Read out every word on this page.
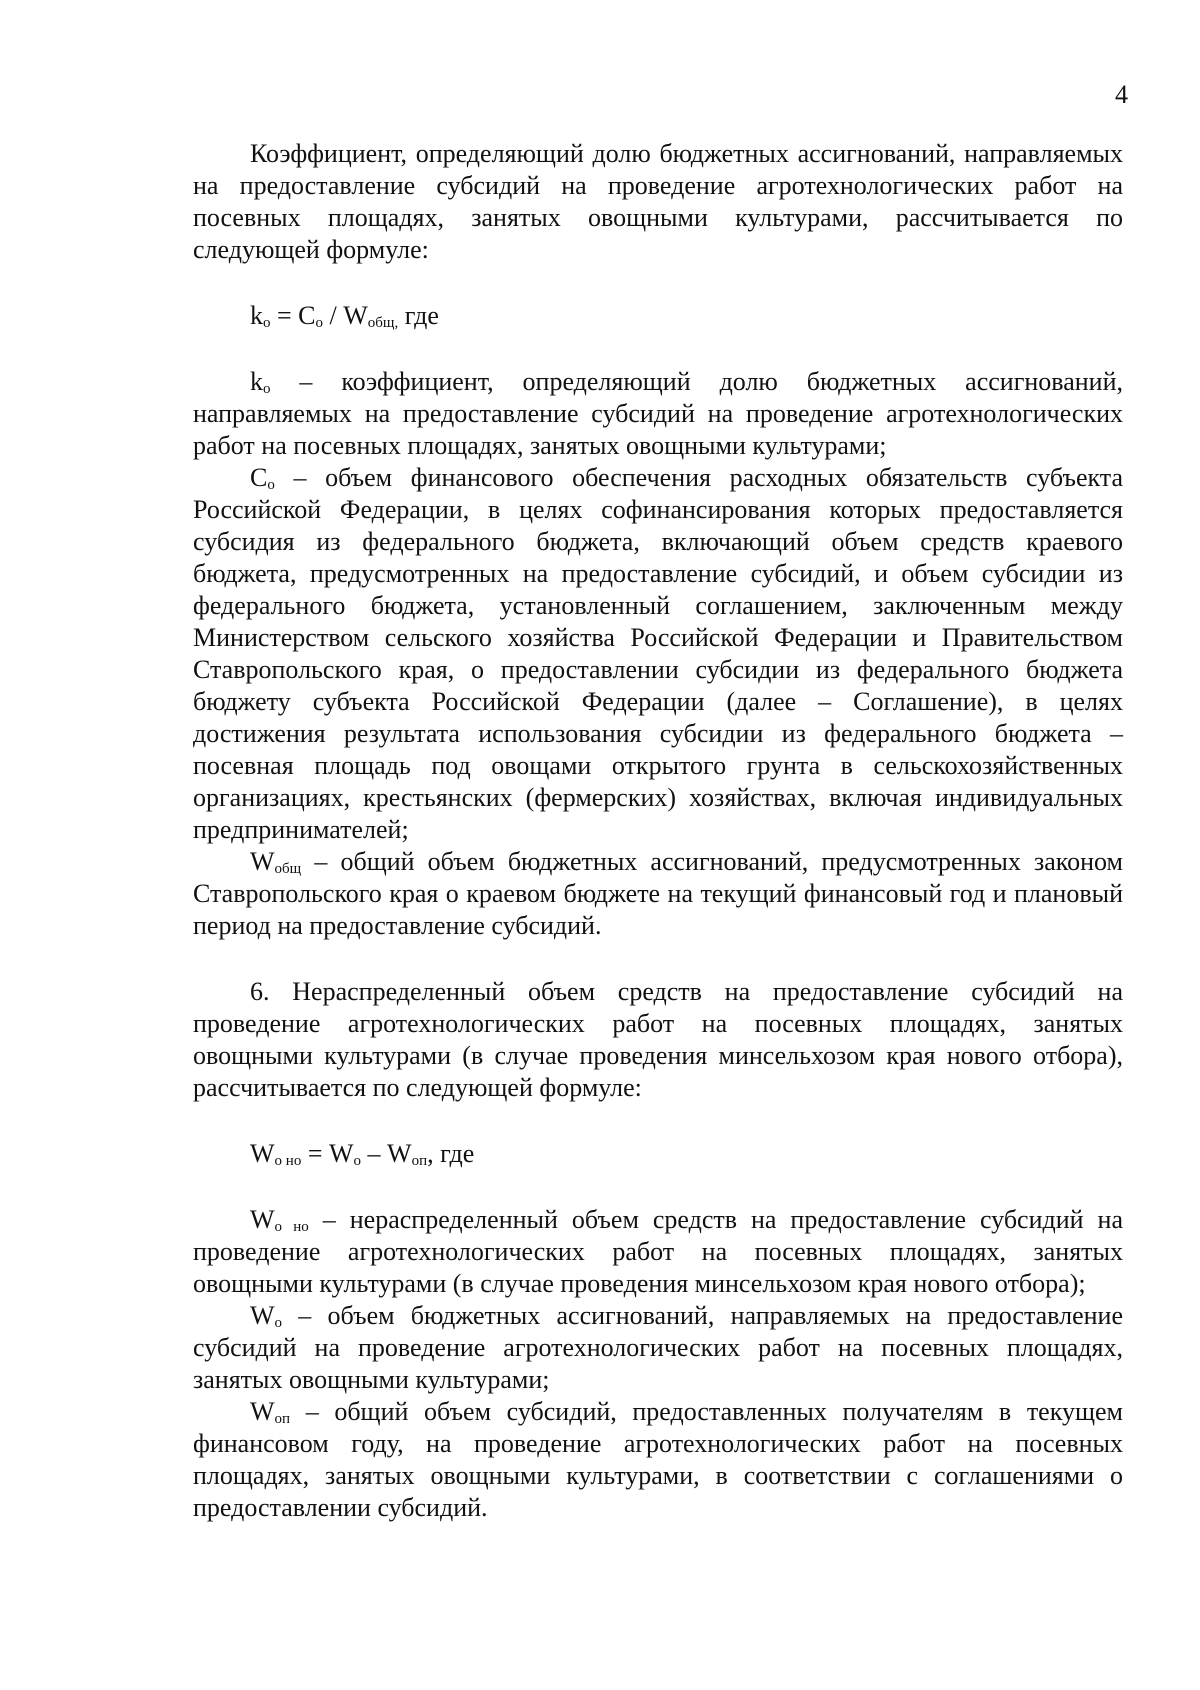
4

Коэффициент, определяющий долю бюджетных ассигнований, направляемых на предоставление субсидий на проведение агротехнологических работ на посевных площадях, занятых овощными культурами, рассчитывается по следующей формуле:

$k_о = С_о / W_{общ,}$ где

$k_о$ – коэффициент, определяющий долю бюджетных ассигнований, направляемых на предоставление субсидий на проведение агротехнологических работ на посевных площадях, занятых овощными культурами;

$С_о$ – объем финансового обеспечения расходных обязательств субъекта Российской Федерации, в целях софинансирования которых предоставляется субсидия из федерального бюджета, включающий объем средств краевого бюджета, предусмотренных на предоставление субсидий, и объем субсидии из федерального бюджета, установленный соглашением, заключенным между Министерством сельского хозяйства Российской Федерации и Правительством Ставропольского края, о предоставлении субсидии из федерального бюджета бюджету субъекта Российской Федерации (далее – Соглашение), в целях достижения результата использования субсидии из федерального бюджета – посевная площадь под овощами открытого грунта в сельскохозяйственных организациях, крестьянских (фермерских) хозяйствах, включая индивидуальных предпринимателей;

$W_{общ}$ – общий объем бюджетных ассигнований, предусмотренных законом Ставропольского края о краевом бюджете на текущий финансовый год и плановый период на предоставление субсидий.

6. Нераспределенный объем средств на предоставление субсидий на проведение агротехнологических работ на посевных площадях, занятых овощными культурами (в случае проведения минсельхозом края нового отбора), рассчитывается по следующей формуле:

$W_{о но} = W_о - W_{оп}$, где

$W_{о но}$ – нераспределенный объем средств на предоставление субсидий на проведение агротехнологических работ на посевных площадях, занятых овощными культурами (в случае проведения минсельхозом края нового отбора);

$W_о$ – объем бюджетных ассигнований, направляемых на предоставление субсидий на проведение агротехнологических работ на посевных площадях, занятых овощными культурами;

$W_{оп}$ – общий объем субсидий, предоставленных получателям в текущем финансовом году, на проведение агротехнологических работ на посевных площадях, занятых овощными культурами, в соответствии с соглашениями о предоставлении субсидий.
